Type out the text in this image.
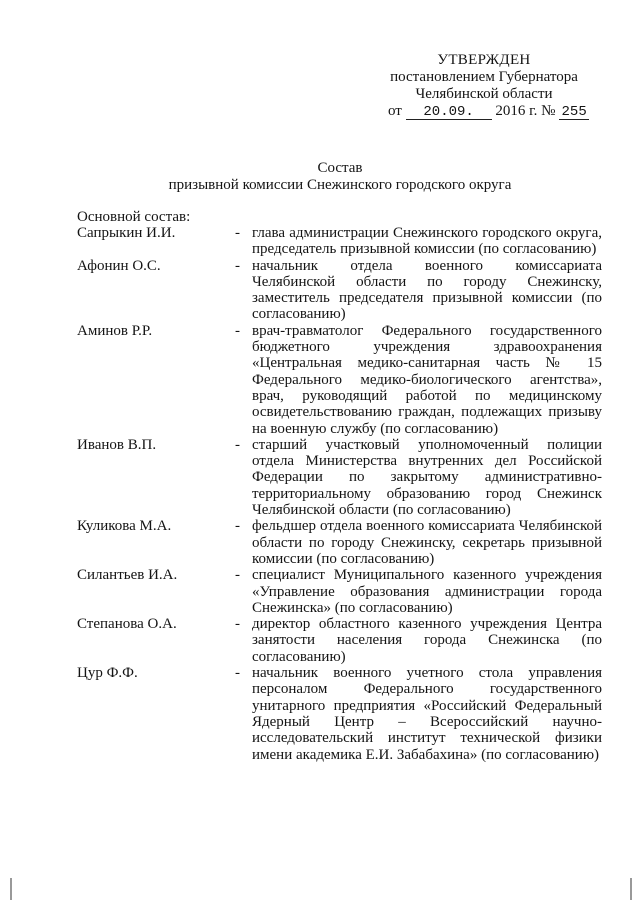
УТВЕРЖДЕН
постановлением Губернатора
Челябинской области
от 20.09. 2016 г. № 255
Состав
призывной комиссии Снежинского городского округа
Основной состав:
Сапрыкин И.И.	- глава администрации Снежинского городского округа, председатель призывной комиссии (по согласованию)
Афонин О.С.	- начальник отдела военного комиссариата Челябинской области по городу Снежинску, заместитель председателя призывной комиссии (по согласованию)
Аминов Р.Р.	- врач-травматолог Федерального государственного бюджетного учреждения здравоохранения «Центральная медико-санитарная часть № 15 Федерального медико-биологического агентства», врач, руководящий работой по медицинскому освидетельствованию граждан, подлежащих призыву на военную службу (по согласованию)
Иванов В.П.	- старший участковый уполномоченный полиции отдела Министерства внутренних дел Российской Федерации по закрытому административно-территориальному образованию город Снежинск Челябинской области (по согласованию)
Куликова М.А.	- фельдшер отдела военного комиссариата Челябинской области по городу Снежинску, секретарь призывной комиссии (по согласованию)
Силантьев И.А.	- специалист Муниципального казенного учреждения «Управление образования администрации города Снежинска» (по согласованию)
Степанова О.А.	- директор областного казенного учреждения Центра занятости населения города Снежинска (по согласованию)
Цур Ф.Ф.	- начальник военного учетного стола управления персоналом Федерального государственного унитарного предприятия «Российский Федеральный Ядерный Центр – Всероссийский научно-исследовательский институт технической физики имени академика Е.И. Забабахина» (по согласованию)
